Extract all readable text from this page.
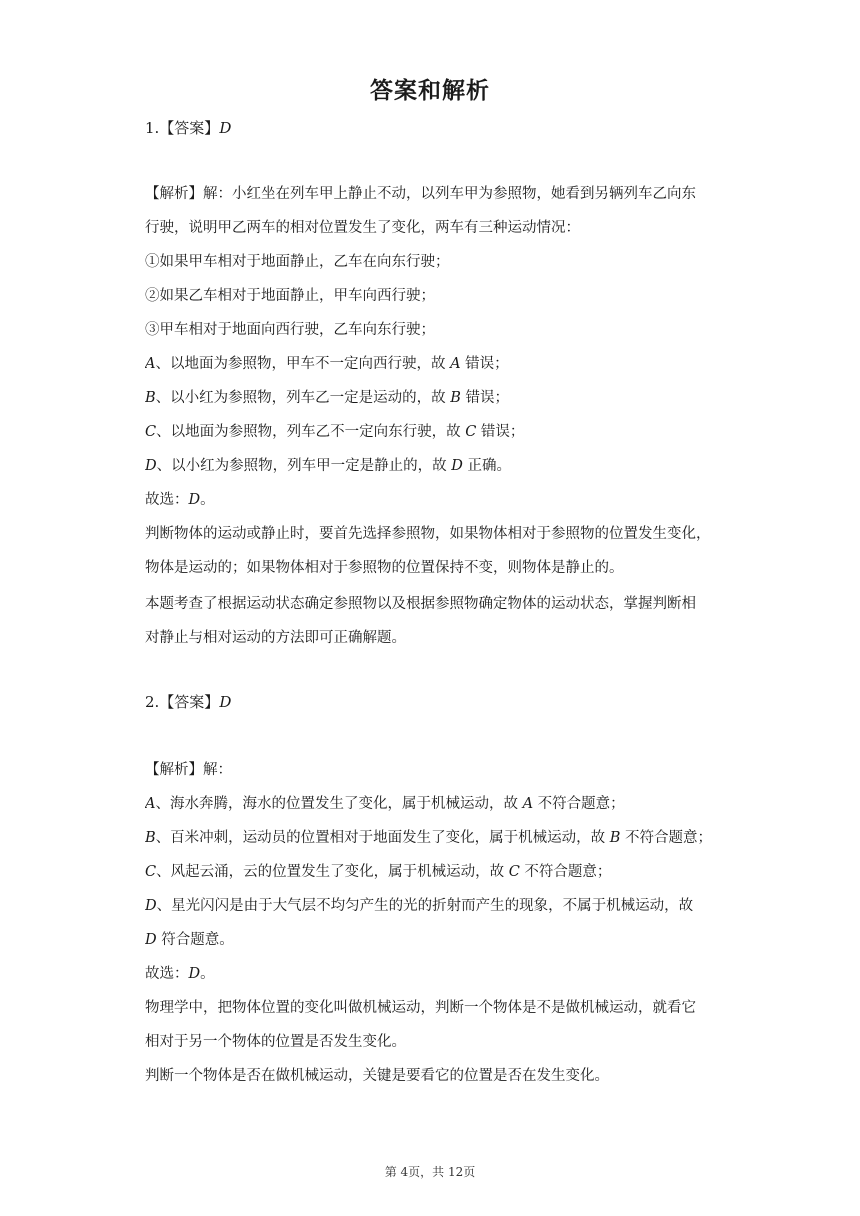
答案和解析
1.【答案】D
【解析】解：小红坐在列车甲上静止不动，以列车甲为参照物，她看到另辆列车乙向东
行驶，说明甲乙两车的相对位置发生了变化，两车有三种运动情况：
①如果甲车相对于地面静止，乙车在向东行驶；
②如果乙车相对于地面静止，甲车向西行驶；
③甲车相对于地面向西行驶，乙车向东行驶；
A、以地面为参照物，甲车不一定向西行驶，故 A 错误；
B、以小红为参照物，列车乙一定是运动的，故 B 错误；
C、以地面为参照物，列车乙不一定向东行驶，故 C 错误；
D、以小红为参照物，列车甲一定是静止的，故 D 正确。
故选：D。
判断物体的运动或静止时，要首先选择参照物，如果物体相对于参照物的位置发生变化，
物体是运动的；如果物体相对于参照物的位置保持不变，则物体是静止的。
本题考查了根据运动状态确定参照物以及根据参照物确定物体的运动状态，掌握判断相
对静止与相对运动的方法即可正确解题。
2.【答案】D
【解析】解：
A、海水奔腾，海水的位置发生了变化，属于机械运动，故 A 不符合题意；
B、百米冲刺，运动员的位置相对于地面发生了变化，属于机械运动，故 B 不符合题意；
C、风起云涌，云的位置发生了变化，属于机械运动，故 C 不符合题意；
D、星光闪闪是由于大气层不均匀产生的光的折射而产生的现象，不属于机械运动，故
D 符合题意。
故选：D。
物理学中，把物体位置的变化叫做机械运动，判断一个物体是不是做机械运动，就看它
相对于另一个物体的位置是否发生变化。
判断一个物体是否在做机械运动，关键是要看它的位置是否在发生变化。
第 4页，共 12页
